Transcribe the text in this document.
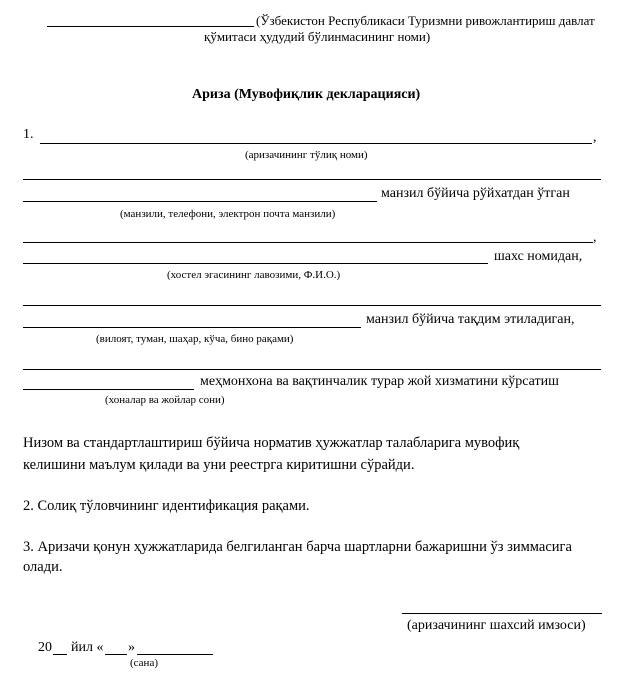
(Ўзбекистон Республикаси Туризмни ривожлантириш давлат
қўмитаси ҳудудий бўлинмасининг номи)
Ариза (Мувофиқлик декларацияси)
1.	,
(аризачининг тўлиқ номи)
манзил бўйича рўйхатдан ўтган
(манзили, телефони, электрон почта манзили)
,
шахс номидан,
(хостел эгасининг лавозими, Ф.И.О.)
манзил бўйича тақдим этиладиган,
(вилоят, туман, шаҳар, кўча, бино рақами)
меҳмонхона ва вақтинчалик турар жой хизматини кўрсатиш
(хоналар ва жойлар сони)
Низом ва стандартлаштириш бўйича норматив ҳужжатлар талабларига мувофиқ
келишини маълум қилади ва уни реестрга киритишни сўрайди.
2. Солиқ тўловчининг идентификация рақами.
3. Аризачи қонун ҳужжатларида белгиланган барча шартларни бажаришни ўз зиммасига
олади.
(аризачининг шахсий имзоси)
20 йил « »
(сана)
